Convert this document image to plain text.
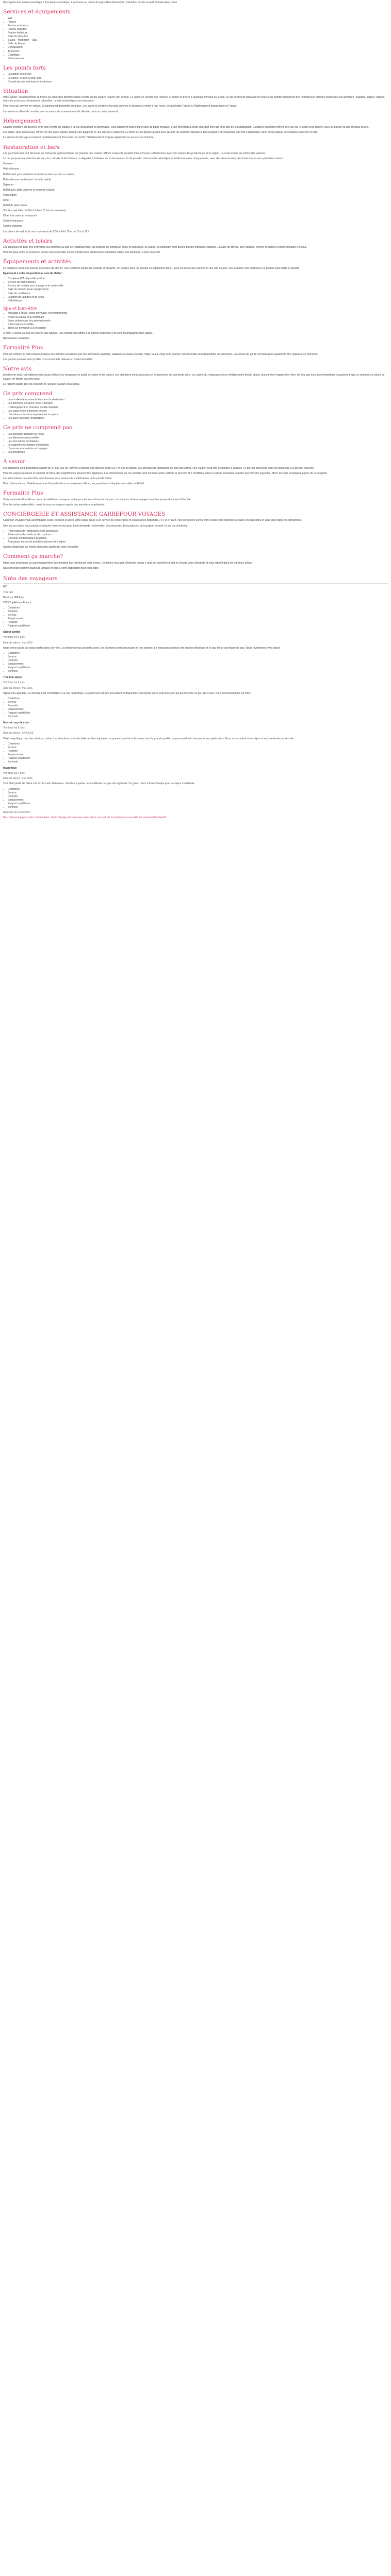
Description À la pointe romantique ! À la pointe touristique. Il se trouve au centre du pays (Bas-Normandie, Calvados) de loin le petit domaine Aval Carte.

Services et équipements
• Wifi
• Piscine
• Piscine extérieure
• Piscine chauffée
• Piscine intérieure
• Salle de bien-être
• Sauna – Hammam – Spa
• Salle de fitness
• Climatisation
• Télévision
• Chauffage
• Stationnement
Les points forts
• La qualité du service
• Le calme, le luxe, le bien-être
• Grande piscine intérieure et extérieure
Situation

Pàlis-Savoir : l'établissement se trouve au cœur d'un domaine boisé et offre un bel espace naturel, loin de tout. Le calme se ressent dès l'arrivée, et l'hôtel se trouve à quelques minutes de la ville, ce qui permet de découvrir les lieux et de profiter pleinement des nombreuses activités proposées aux alentours : balades, plages, villages, marchés ou encore découvertes culturelles. Le site est idéal pour se ressourcer.

Pour ceux qui arrivent en voiture, un parking est disponible sur place. Les gares et aéroports les plus proches se trouvent à moins d'une heure, ce qui facilite l'accès à l'établissement depuis toute la France.

Les environs offrent de nombreuses occasions de promenade et de détente, dans un cadre préservé.

Hébergement

Chaque chambre est décorée avec soin et offre un espace à la fois chaleureux et confortable. Elles disposent toutes d'une salle de bains privative, d'une télévision à écran plat, d'un mini-bar ainsi que de la climatisation. Certaines chambres offrent une vue sur le jardin ou la piscine, avec un balcon ou une terrasse privée.

Les suites, plus spacieuses, offrent un coin salon séparé ainsi qu'une baignoire et une douche à l'italienne. La literie est de grande qualité pour garantir un sommeil réparateur. Des peignoirs et chaussons sont mis à disposition, ainsi qu'un plateau de courtoisie avec thé et café.

Le service de ménage est assuré quotidiennement. Pour plus de confort, l'établissement propose également un service en chambre.

Restauration et bars

Les gourmets pourront découvrir un restaurant gastronomique qui propose une cuisine raffinée à base de produits frais et locaux, sélectionnés avec soin auprès des producteurs de la région. La carte évolue au rythme des saisons.

Le bar propose une sélection de vins, de cocktails et de boissons, à déguster à l'intérieur ou en terrasse en fin de journée. Une formule petit-déjeuner buffet est servie chaque matin, avec des viennoiseries, des fruits frais et des spécialités maison.

Horaires :

Petit-déjeuner :

Buffet varié pour satisfaire toutes les envies sucrées ou salées

Petit-déjeuner continental : formule rapide

Déjeuner :

Buffet avec plats cuisinés et desserts maison

Plats légers

Dîner :

Buffet de plats variés

Soirées spéciales : buffet à thème (2 fois par semaine)

Dîner à la carte au restaurant

Cuisine française

Cuisine italienne

Les dîners de midi et du soir sont servis de 12 h à 14 h 30 et de 19 h à 22 h.

Activités et loisirs

Les amateurs de bien-être trouveront leur bonheur au spa de l'établissement, qui propose de nombreux soins et massages, un sauna, un hammam ainsi qu'une piscine intérieure chauffée. La salle de fitness, bien équipée, permet de garder la forme pendant le séjour.

Pour les plus actifs, le personnel pourra vous conseiller sur les nombreuses randonnées et balades à faire aux alentours, à pied ou à vélo.

Équipements et activités

Le complexe inclut une piscine extérieure de 250 m², avec solarium équipé de transats et parasols. Un espace pour les enfants est également prévu, avec un bassin peu profond et une aire de jeux. Des activités sont proposées en journée pour petits et grands.

Également à votre disposition au sein de l'hôtel :

• Complexe Wifi disponible partout
• Service de blanchisserie
• Service de navette vers la plage et le centre-ville
• Salle de réunion (avec équipement)
• Salle de conférence
• Location de voitures et de vélos
• Bibliothèque
Spa et bien-être
• Massage à l'huile, soins du visage, enveloppements
• Accès au sauna et au hammam
• Soins réalisés par des professionnels
• Réservation conseillée
• Tarifs sur demande à la réception

À noter : l'accès au spa est réservé aux adultes. Les enfants sont admis à la piscine seulement s'ils sont accompagnés d'un adulte.

Réservation conseillée.

Formalité Plus

Pour les enfants, le club enfants propose des activités encadrées par des animateurs qualifiés, adaptées à chaque tranche d'âge, tout au long de la journée. Des lits bébé sont disponibles sur demande. Un service de garde d'enfants peut également être organisé sur demande.

Les parents peuvent ainsi profiter d'un moment de détente en toute tranquillité.

Notre avis

Idéalement situé, cet établissement saura séduire les voyageurs en quête de calme et de confort. Les chambres sont spacieuses et le personnel est aux petits soins. La cuisine du restaurant est un véritable point fort du séjour, tout comme l'espace bien-être. Un lieu que nous recommandons chaudement, que ce soit pour un séjour en couple, en famille ou entre amis.

Le rapport qualité-prix est excellent et l'accueil toujours chaleureux.

Ce prix comprend
• Le vol aller/retour entre la France et la destination
• Les transferts aéroport / hôtel / aéroport
• L'hébergement en chambre double standard
• Les repas selon la formule choisie
• L'assistance de notre représentant sur place
• Les taxes aéroport (modifiables)
Ce prix ne comprend pas
• Les boissons pendant les repas
• Les dépenses personnelles
• Les excursions facultatives
• Le supplément chambre individuelle
• L'assurance annulation et bagages
• Les pourboires
À savoir

Les chambres sont disponibles à partir de 14 h le jour de l'arrivée et doivent être libérées avant 12 h le jour du départ. Les animaux de compagnie ne sont pas admis. Une caution peut être demandée à l'arrivée. Le port du bonnet de bain est obligatoire à la piscine couverte.

Pour les séjours réservés en période de fêtes, des suppléments peuvent être appliqués. Les informations sur les activités sont données à titre indicatif et peuvent être modifiées selon la saison. Certaines activités peuvent être payantes. Merci de vous renseigner auprès de la réception.

Les informations de cette fiche sont données sous réserve de modifications de la part de l'hôtel.

Plus d'informations : l'établissement ne fait partie d'aucun classement officiel, les prestations indiquées sont celles de l'hôtel.

Formalité Plus

Carte nationale d'identité en cours de validité ou passeport valide pour les ressortissants français. Les mineurs doivent voyager avec leur propre document d'identité.

Pour les autres nationalités, merci de vous renseigner auprès des autorités compétentes.

CONCIERGERIE ET ASSISTANCE GARREFOUR VOYAGES

Carrefour Voyages vous accompagne avant, pendant et après votre séjour grâce à un service de conciergerie et d'assistance disponible 7 j/7 et 24 h/24. Nos conseillers sont à votre écoute pour répondre à toutes vos questions et vous aider dans vos démarches.

Une fois sur place, vous pouvez contacter notre service pour toute demande : réservation de restaurant, d'excursion ou de transport, conseil, ou en cas d'imprévu.

• Réservation de restaurants et de spectacles
• Réservation d'activités et d'excursions
• Conseils et informations pratiques
• Assistance en cas de problème durant votre séjour

Service disponible sur simple demande auprès de votre conseiller.

Comment ça marche?

Nous vous proposons un accompagnement personnalisé tout au long de votre séjour. Contactez-nous par téléphone ou par e-mail, un conseiller prend en charge votre demande et vous répond dans les meilleurs délais.

Nos conseillers parlent plusieurs langues et sont à votre disposition pour vous aider.

Note des voyageurs

4,2

Très bon

Basé sur 868 Avis

2025 TripAdvisor France

• Chambres
• Situation
• Service
• Emplacement
• Propreté
• Rapport qualité/prix

Séjour parfait

Voir tous les 9 avis

Date du séjour : mai 2025

Nous avons passé un séjour parfait dans cet hôtel. Le personnel est aux petits soins, les chambres sont spacieuses et très propres. Le restaurant propose une cuisine délicieuse et le spa est un vrai havre de paix. Nous reviendrons avec plaisir.

• Chambres
• Service
• Propreté
• Emplacement
• Rapport qualité/prix
• Sommeil

Très bon séjour

Voir tous les 4 avis

Date du séjour : mai 2025

Séjour très agréable, la chambre était confortable et la vue magnifique. Le personnel est très accueillant et disponible. Petit bémol sur le petit-déjeuner qui pourrait être un peu plus varié. Nous recommandons cet hôtel.

• Chambres
• Service
• Propreté
• Emplacement
• Rapport qualité/prix
• Sommeil

Un vrai coup de cœur

Voir tous les 6 avis

Date du séjour : avril 2025

Hôtel magnifique, très bien situé, au calme. Les chambres sont très belles et bien équipées. Le spa est superbe et les soins sont de grande qualité. Le personnel est charmant et aux petits soins. Nous avons adoré notre séjour et nous reviendrons très vite.

• Chambres
• Service
• Propreté
• Emplacement
• Rapport qualité/prix
• Sommeil

Magnifique

Voir tous les 2 avis

Date du séjour : mai 2025

Tout était parfait du début à la fin. Accueil chaleureux, chambre superbe, repas délicieux et spa très agréable. Un grand merci à toute l'équipe pour ce séjour inoubliable.

• Chambres
• Service
• Propreté
• Emplacement
• Rapport qualité/prix
• Sommeil

Réponse de la direction :

Merci beaucoup pour votre commentaire. Toute l'équipe est ravie que votre séjour vous ait plu et espère vous accueillir de nouveau très bientôt.
